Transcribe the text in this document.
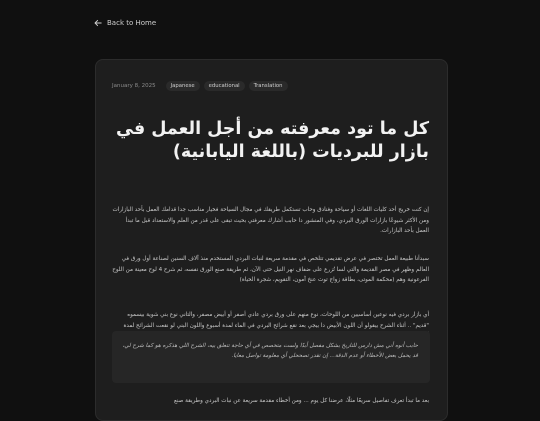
Back to Home
January 8, 2025	Japanese	educational	Translation
كل ما تود معرفته من أجل العمل في بازار للبرديات (باللغة اليابانية)

إن كنت خريج أحد كليات اللغات أو سياحة وفنادق وحاب تستكمل طريقك في مجال السياحة فخيار مناسب جدا قدامك العمل بأحد البازارات ومن الأكثر شيوعًا بازارات الورق البردي، وفي المنشور دا حابب أشارك معرفتي بحيث تبقى على قدر من العلم والاستعداد قبل ما تبدأ العمل بأحد البازارات.

سبدأنا طبيعة العمل تختصر في عرض تقديمي تتلخص في مقدمة سريعة لنبات البردي المستخدم منذ آلاف السنين لصناعة أول ورق في العالم وظهر في مصر القديمة والتي لسا تُزرع على ضفاف نهر النيل حتى الآن، ثم طريقة صنع الورق نفسه، ثم شرح 4 لوح معينة من اللوح الفرعونية وهم (محكمة الموتى، بطاقة زواج توت عنخ آمون، التقويم، شجرة الحياة)

أي بازار بردي فيه نوعين أساسيين من اللوحات، نوع منهم على ورق بردي عادي أصفر أو أبيض مصفر، والتاني نوع بني شوية بيسموه "قديم" .. أثناء الشرح بيقولو أن اللون الأبيض دا بيجي بعد نقع شرائح البردي في الماء لمدة أسبوع واللون البني لو نقعت الشرائح لمدة

حابب أنوه أني مش دارس للتاريخ بشكل مفصل أبدًا ولست متخصص في أي حاجة تتعلق بيه، الشرح اللي هذكره هو كما شرح لي، قد يحمل بعض الأخطاء أو عدم الدقة... إن تقدر تصححلي أي معلومة تواصل معايا.

بعد ما تبدأ تعرف تفاصيل سريعًا مثلًا، عرضنا كل يوم ... ومن أخطاء مقدمة سريعة عن نبات البردي وطريقة صنع
